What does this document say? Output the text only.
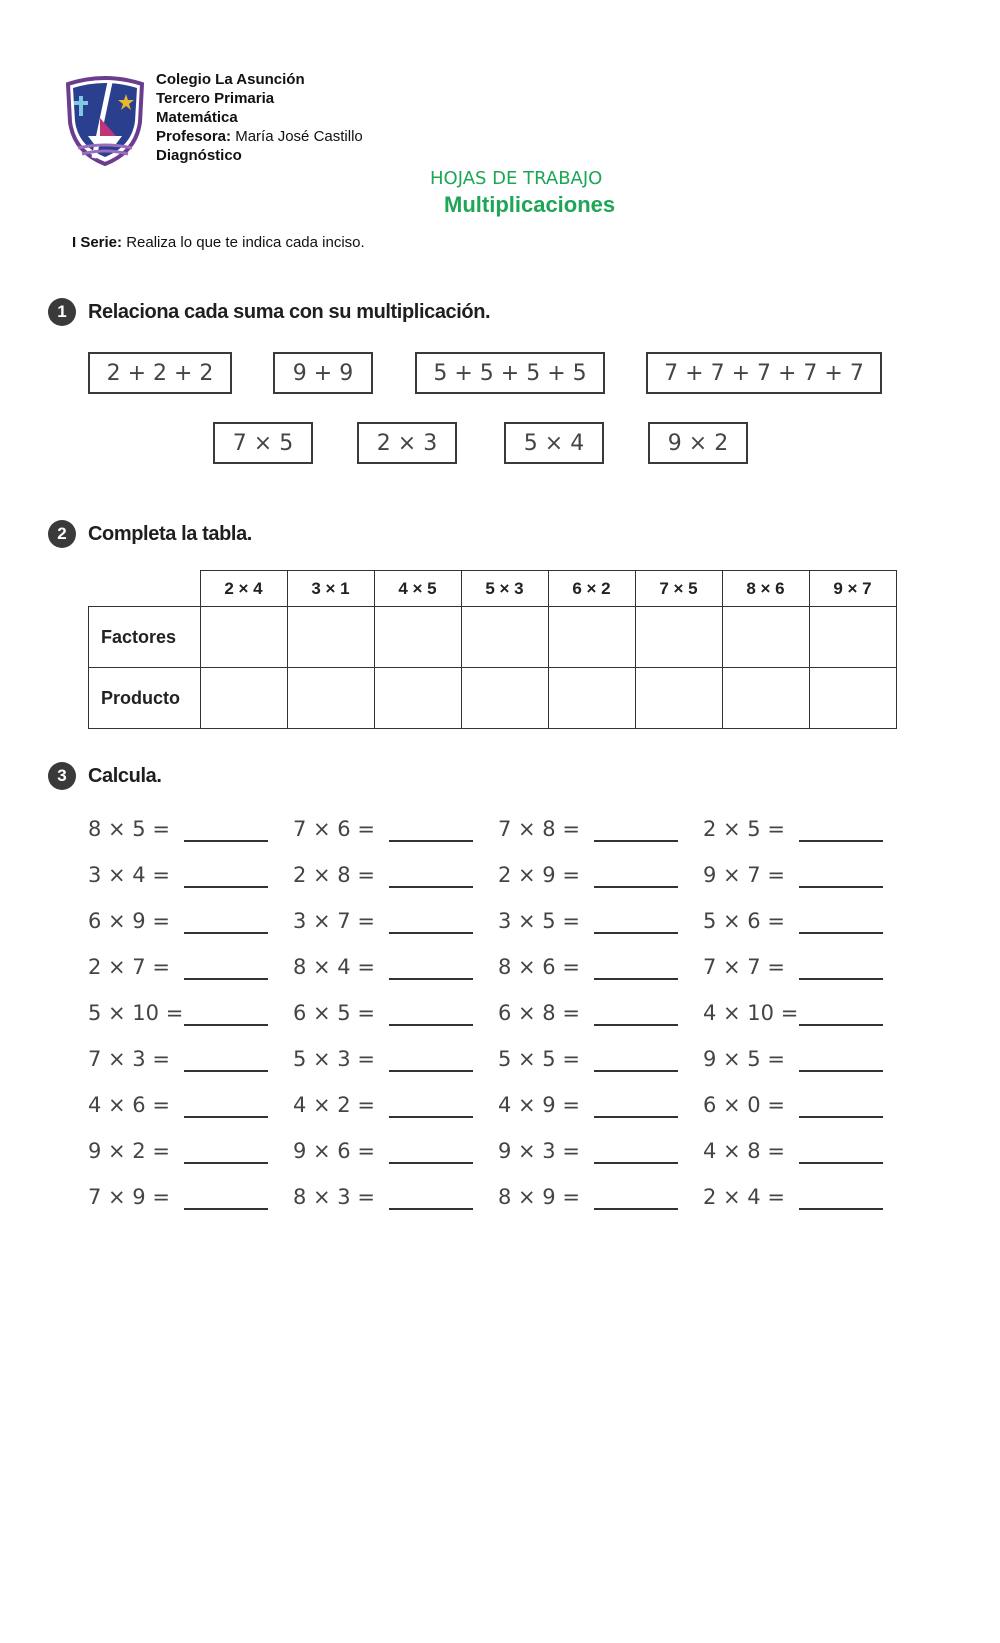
Colegio La Asunción
Tercero Primaria
Matemática
Profesora: María José Castillo
Diagnóstico
HOJAS DE TRABAJO
Multiplicaciones
I Serie: Realiza lo que te indica cada inciso.
1	Relaciona cada suma con su multiplicación.
2 + 2 + 2	9 + 9	5 + 5 + 5 + 5	7 + 7 + 7 + 7 + 7
7 × 5	2 × 3	5 × 4	9 × 2
2	Completa la tabla.
	2 × 4	3 × 1	4 × 5	5 × 3	6 × 2	7 × 5	8 × 6	9 × 7
Factores								
Producto								
3	Calcula.
8 × 5 =	7 × 6 =	7 × 8 =	2 × 5 =
3 × 4 =	2 × 8 =	2 × 9 =	9 × 7 =
6 × 9 =	3 × 7 =	3 × 5 =	5 × 6 =
2 × 7 =	8 × 4 =	8 × 6 =	7 × 7 =
5 × 10 =	6 × 5 =	6 × 8 =	4 × 10 =
7 × 3 =	5 × 3 =	5 × 5 =	9 × 5 =
4 × 6 =	4 × 2 =	4 × 9 =	6 × 0 =
9 × 2 =	9 × 6 =	9 × 3 =	4 × 8 =
7 × 9 =	8 × 3 =	8 × 9 =	2 × 4 =
